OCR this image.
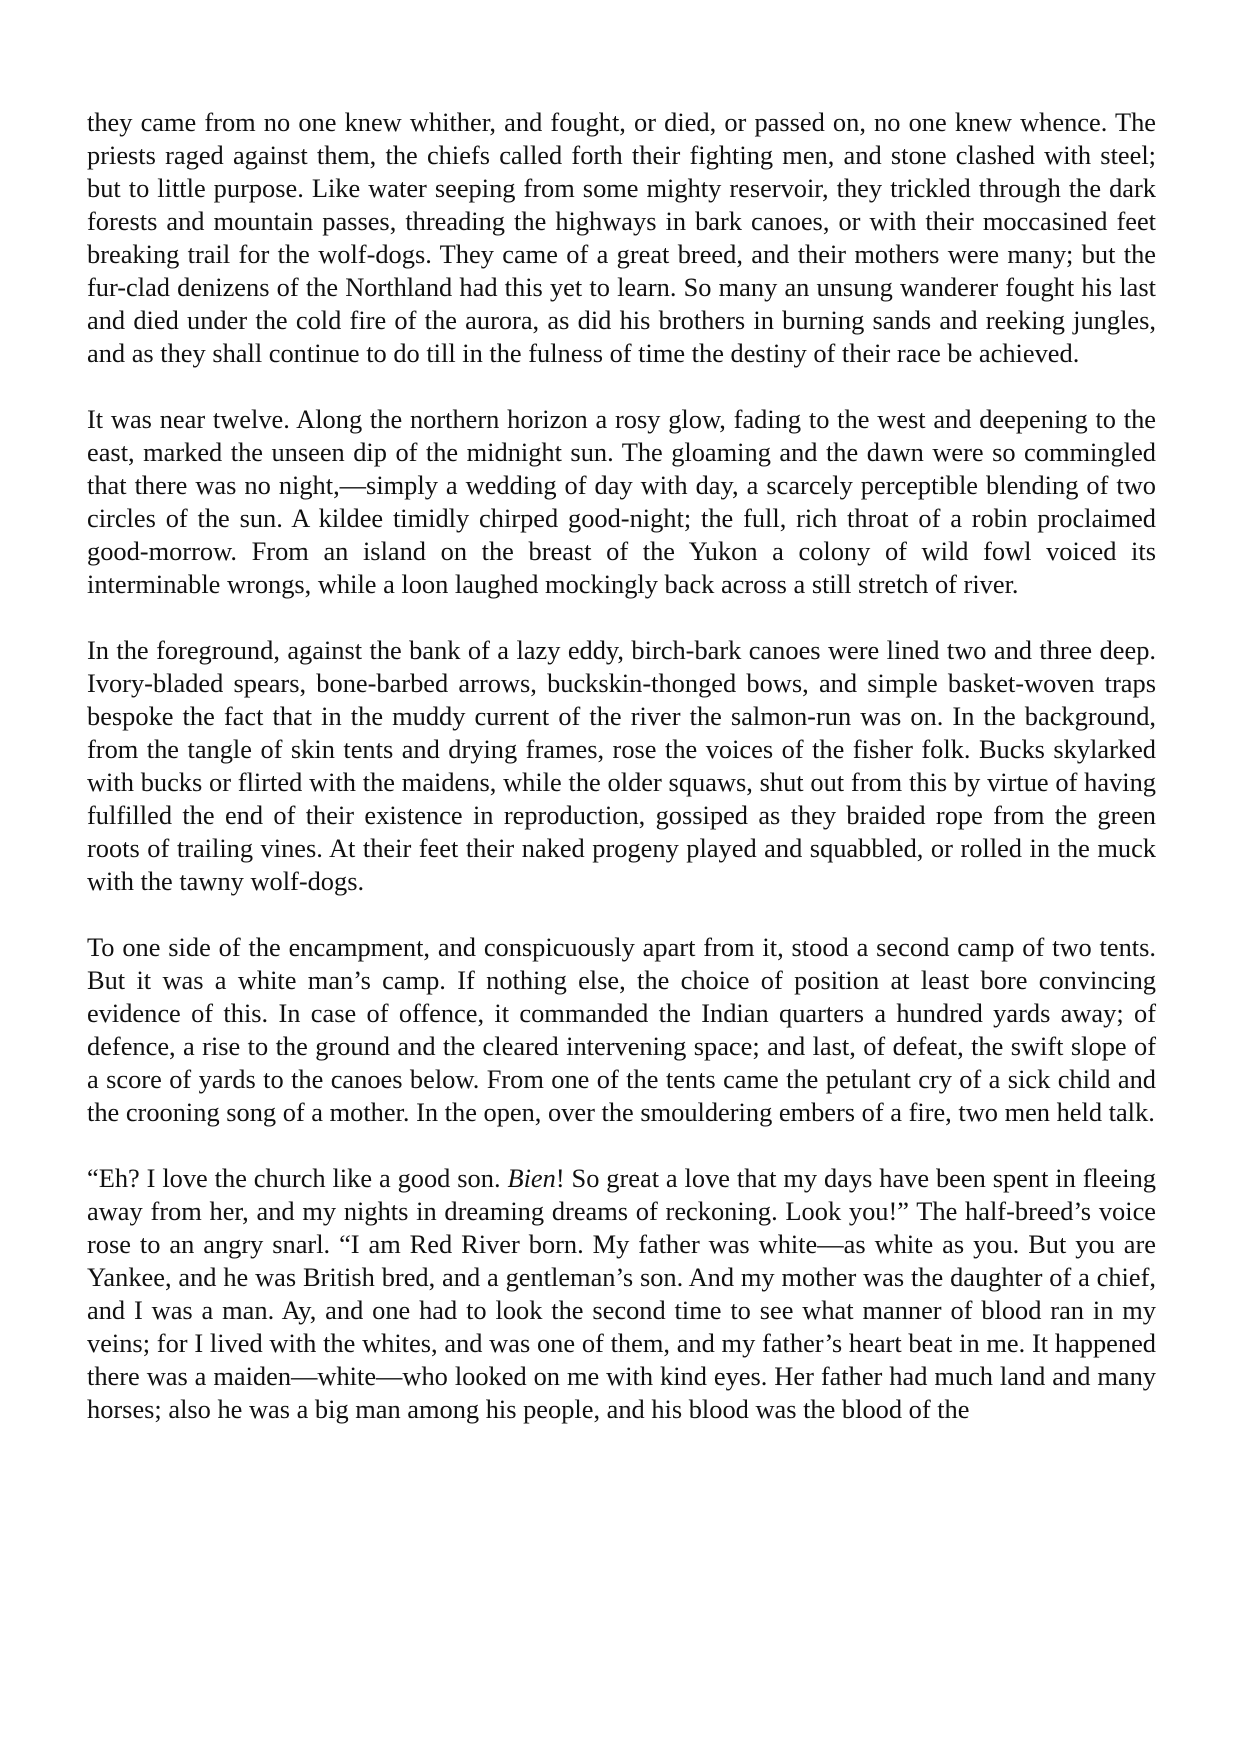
they came from no one knew whither, and fought, or died, or passed on, no one knew whence. The priests raged against them, the chiefs called forth their fighting men, and stone clashed with steel; but to little purpose. Like water seeping from some mighty reservoir, they trickled through the dark forests and mountain passes, threading the highways in bark canoes, or with their moccasined feet breaking trail for the wolf-dogs. They came of a great breed, and their mothers were many; but the fur-clad denizens of the Northland had this yet to learn. So many an unsung wanderer fought his last and died under the cold fire of the aurora, as did his brothers in burning sands and reeking jungles, and as they shall continue to do till in the fulness of time the destiny of their race be achieved.

It was near twelve. Along the northern horizon a rosy glow, fading to the west and deepening to the east, marked the unseen dip of the midnight sun. The gloaming and the dawn were so commingled that there was no night,—simply a wedding of day with day, a scarcely perceptible blending of two circles of the sun. A kildee timidly chirped good-night; the full, rich throat of a robin proclaimed good-morrow. From an island on the breast of the Yukon a colony of wild fowl voiced its interminable wrongs, while a loon laughed mockingly back across a still stretch of river.

In the foreground, against the bank of a lazy eddy, birch-bark canoes were lined two and three deep. Ivory-bladed spears, bone-barbed arrows, buckskin-thonged bows, and simple basket-woven traps bespoke the fact that in the muddy current of the river the salmon-run was on. In the background, from the tangle of skin tents and drying frames, rose the voices of the fisher folk. Bucks skylarked with bucks or flirted with the maidens, while the older squaws, shut out from this by virtue of having fulfilled the end of their existence in reproduction, gossiped as they braided rope from the green roots of trailing vines. At their feet their naked progeny played and squabbled, or rolled in the muck with the tawny wolf-dogs.

To one side of the encampment, and conspicuously apart from it, stood a second camp of two tents. But it was a white man’s camp. If nothing else, the choice of position at least bore convincing evidence of this. In case of offence, it commanded the Indian quarters a hundred yards away; of defence, a rise to the ground and the cleared intervening space; and last, of defeat, the swift slope of a score of yards to the canoes below. From one of the tents came the petulant cry of a sick child and the crooning song of a mother. In the open, over the smouldering embers of a fire, two men held talk.

“Eh? I love the church like a good son. Bien! So great a love that my days have been spent in fleeing away from her, and my nights in dreaming dreams of reckoning. Look you!” The half-breed’s voice rose to an angry snarl. “I am Red River born. My father was white—as white as you. But you are Yankee, and he was British bred, and a gentleman’s son. And my mother was the daughter of a chief, and I was a man. Ay, and one had to look the second time to see what manner of blood ran in my veins; for I lived with the whites, and was one of them, and my father’s heart beat in me. It happened there was a maiden—white—who looked on me with kind eyes. Her father had much land and many horses; also he was a big man among his people, and his blood was the blood of the
